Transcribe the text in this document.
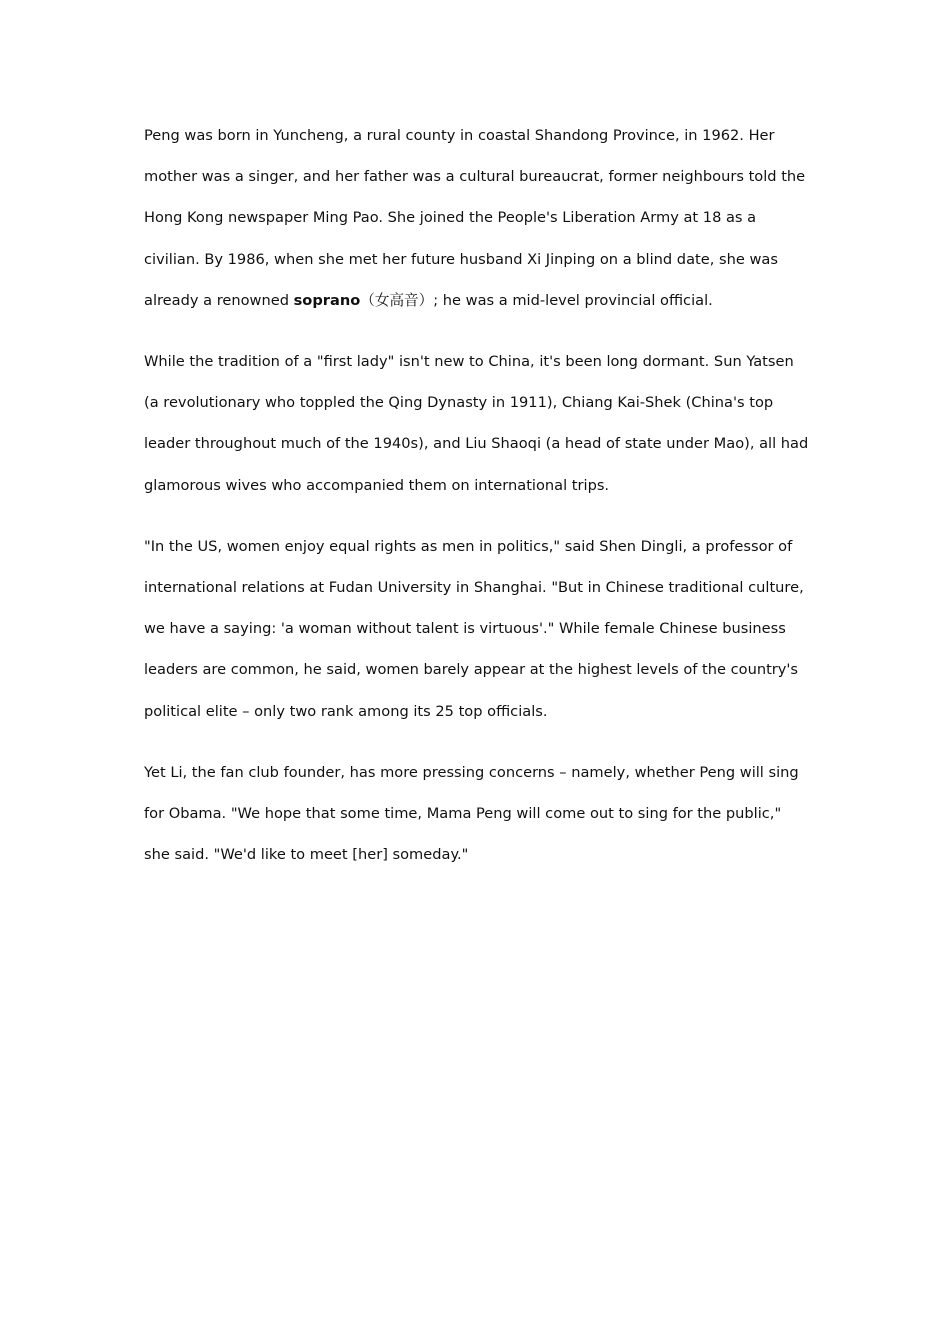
Peng was born in Yuncheng, a rural county in coastal Shandong Province, in 1962. Her mother was a singer, and her father was a cultural bureaucrat, former neighbours told the Hong Kong newspaper Ming Pao. She joined the People's Liberation Army at 18 as a civilian. By 1986, when she met her future husband Xi Jinping on a blind date, she was already a renowned soprano（女高音）; he was a mid-level provincial official.

While the tradition of a "first lady" isn't new to China, it's been long dormant. Sun Yatsen (a revolutionary who toppled the Qing Dynasty in 1911), Chiang Kai-Shek (China's top leader throughout much of the 1940s), and Liu Shaoqi (a head of state under Mao), all had glamorous wives who accompanied them on international trips.

"In the US, women enjoy equal rights as men in politics," said Shen Dingli, a professor of international relations at Fudan University in Shanghai. "But in Chinese traditional culture, we have a saying: 'a woman without talent is virtuous'." While female Chinese business leaders are common, he said, women barely appear at the highest levels of the country's political elite – only two rank among its 25 top officials.

Yet Li, the fan club founder, has more pressing concerns – namely, whether Peng will sing for Obama. "We hope that some time, Mama Peng will come out to sing for the public," she said. "We'd like to meet [her] someday."
